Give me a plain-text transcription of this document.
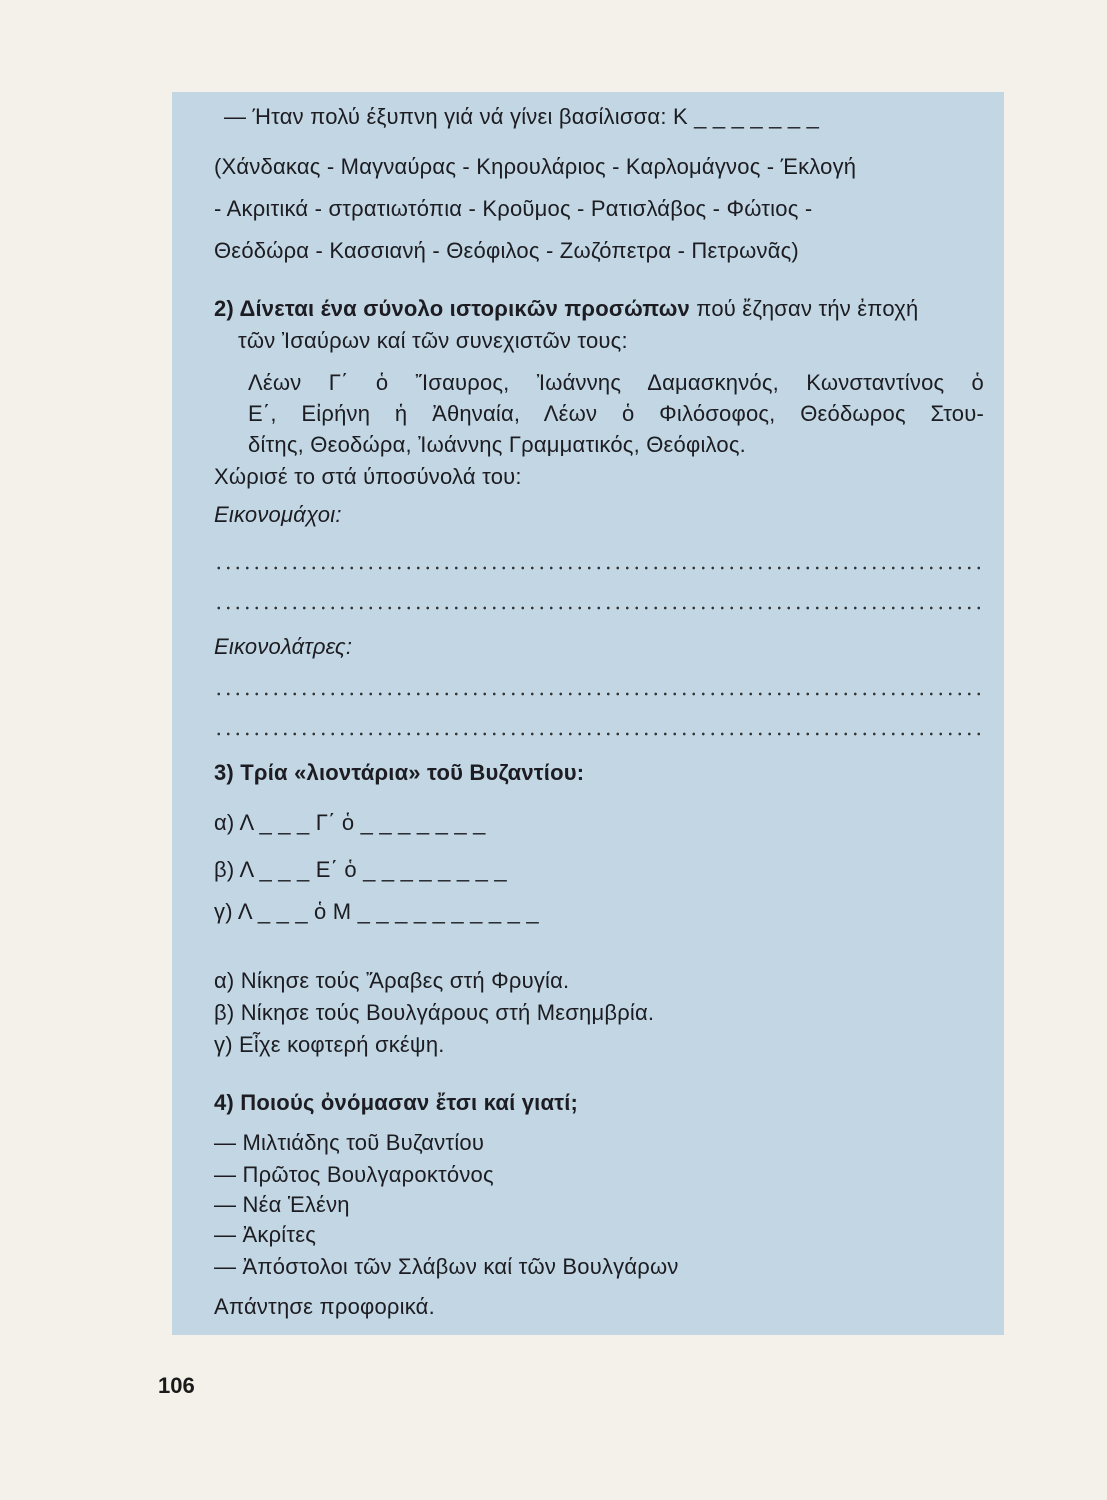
— Ήταν πολύ έξυπνη γιά νά γίνει βασίλισσα: Κ _ _ _ _ _ _ _
(Χάνδακας - Μαγναύρας - Κηρουλάριος - Καρλομάγνος - Έκλογή
- Ακριτικά - στρατιωτόπια - Κροῦμος - Ρατισλάβος - Φώτιος -
Θεόδώρα - Κασσιανή - Θεόφιλος - Ζωζόπετρα - Πετρωνᾶς)
2) Δίνεται ένα σύνολο ιστορικῶν προσώπων πού ἔζησαν τήν ἐποχή
τῶν Ἰσαύρων καί τῶν συνεχιστῶν τους:
Λέων Γ΄ ὁ Ἴσαυρος, Ἰωάννης Δαμασκηνός, Κωνσταντίνος ὁ
Ε΄, Εἰρήνη ἡ Ἀθηναία, Λέων ὁ Φιλόσοφος, Θεόδωρος Στου-
δίτης, Θεοδώρα, Ἰωάννης Γραμματικός, Θεόφιλος.
Χώρισέ το στά ύποσύνολά του:
Εικονομάχοι:
Εικονολάτρες:
3) Τρία «λιοντάρια» τοῦ Βυζαντίου:
α) Λ _ _ _ Γ΄ ὁ _ _ _ _ _ _ _
β) Λ _ _ _ Ε΄ ὁ _ _ _ _ _ _ _ _
γ) Λ _ _ _ ὁ Μ _ _ _ _ _ _ _ _ _ _
α) Νίκησε τούς Ἄραβες στή Φρυγία.
β) Νίκησε τούς Βουλγάρους στή Μεσημβρία.
γ) Εἶχε κοφτερή σκέψη.
4) Ποιούς ὀνόμασαν ἔτσι καί γιατί;
— Μιλτιάδης τοῦ Βυζαντίου
— Πρῶτος Βουλγαροκτόνος
— Νέα Ἑλένη
— Ἀκρίτες
— Ἀπόστολοι τῶν Σλάβων καί τῶν Βουλγάρων
Απάντησε προφορικά.
106
